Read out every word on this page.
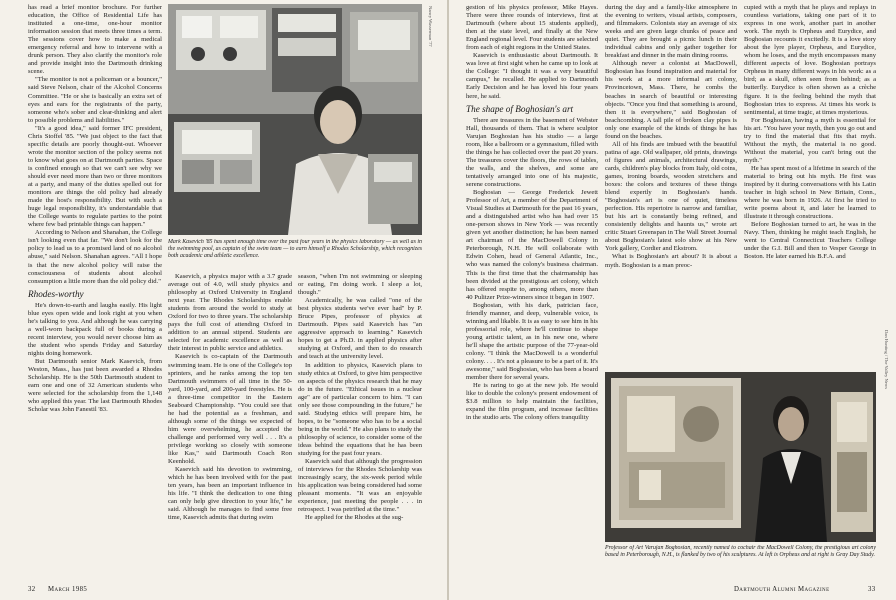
has read a brief monitor brochure. For further education, the Office of Residential Life has instituted a one-time, one-hour monitor information session that meets three times a term. The sessions cover how to make a medical emergency referral and how to intervene with a drunk person. They also clarify the monitor's role and provide insight into the Dartmouth drinking scene.

"The monitor is not a policeman or a bouncer," said Steve Nelson, chair of the Alcohol Concerns Committee. "He or she is basically an extra set of eyes and ears for the registrants of the party, someone who's sober and clear-thinking and alert to possible problems and liabilities."

"It's a good idea," said former IFC president, Chris Stoffel '85. "We just object to the fact that specific details are poorly thought-out. Whoever wrote the monitor section of the policy seems not to know what goes on at Dartmouth parties. Space is confined enough so that we can't see why we should ever need more than two or three monitors at a party, and many of the duties spelled out for monitors are things the old policy had already made the host's responsibility. But with such a huge legal responsibility, it's understandable that the College wants to regulate parties to the point where few bad printable things can happen."

According to Nelson and Shanahan, the College isn't looking even that far. "We don't look for the policy to lead us to a promised land of no alcohol abuse," said Nelson. Shanahan agrees. "All I hope is that the new alcohol policy will raise the consciousness of students about alcohol consumption a little more than the old policy did."

Rhodes-worthy

He's down-to-earth and laughs easily. His light blue eyes open wide and look right at you when he's talking to you. And although he was carrying a well-worn backpack full of books during a recent interview, you would never choose him as the student who spends Friday and Saturday nights doing homework.

But Dartmouth senior Mark Kasevich, from Weston, Mass., has just been awarded a Rhodes Scholarship. He is the 50th Dartmouth student to earn one and one of 32 American students who were selected for the scholarship from the 1,148 who applied this year. The last Dartmouth Rhodes Scholar was John Fanestil '83.

Nancy Wasserman '77
Mark Kasevich '85 has spent enough time over the past four years in the physics laboratory — as well as in the swimming pool, as captain of the swim team — to earn himself a Rhodes Scholarship, which recognizes both academic and athletic excellence.

Kasevich, a physics major with a 3.7 grade average out of 4.0, will study physics and philosophy at Oxford University in England next year. The Rhodes Scholarships enable students from around the world to study at Oxford for two to three years. The scholarship pays the full cost of attending Oxford in addition to an annual stipend. Students are selected for academic excellence as well as their interest in public service and athletics.

Kasevich is co-captain of the Dartmouth swimming team. He is one of the College's top sprinters, and he ranks among the top ten Dartmouth swimmers of all time in the 50-yard, 100-yard, and 200-yard freestyles. He is a three-time competitor in the Eastern Seaboard Championship. "You could see that he had the potential as a freshman, and although some of the things we expected of him were overwhelming, he accepted the challenge and performed very well . . . It's a privilege working so closely with someone like Kas," said Dartmouth Coach Ron Keenhold.

Kasevich said his devotion to swimming, which he has been involved with for the past ten years, has been an important influence in his life. "I think the dedication to one thing can only help give direction to your life," he said. Although he manages to find some free time, Kasevich admits that during swim

season, "when I'm not swimming or sleeping or eating, I'm doing work. I sleep a lot, though."

Academically, he was called "one of the best physics students we've ever had" by P. Bruce Pipes, professor of physics at Dartmouth. Pipes said Kasevich has "an aggressive approach to learning." Kasevich hopes to get a Ph.D. in applied physics after studying at Oxford, and then to do research and teach at the university level.

In addition to physics, Kasevich plans to study ethics at Oxford, to give him perspective on aspects of the physics research that he may do in the future. "Ethical issues in a nuclear age" are of particular concern to him. "I can only see those compounding in the future," he said. Studying ethics will prepare him, he hopes, to be "someone who has to be a social being in the world." He also plans to study the philosophy of science, to consider some of the ideas behind the equations that he has been studying for the past four years.

Kasevich said that although the progression of interviews for the Rhodes Scholarship was increasingly scary, the six-week period while his application was being considered had some pleasant moments. "It was an enjoyable experience, just meeting the people . . . in retrospect. I was petrified at the time."

He applied for the Rhodes at the sug-

32 March 1985

gestion of his physics professor, Mike Hayes. There were three rounds of interviews, first at Dartmouth (where about 15 students applied), then at the state level, and finally at the New England regional level. Four students are selected from each of eight regions in the United States.

Kasevich is enthusiastic about Dartmouth. It was love at first sight when he came up to look at the College: "I thought it was a very beautiful campus," he recalled. He applied to Dartmouth Early Decision and he has loved his four years here, he said.

The shape of Boghosian's art

There are treasures in the basement of Webster Hall, thousands of them. That is where sculptor Varujan Boghosian has his studio — a large room, like a ballroom or a gymnasium, filled with the things he has collected over the past 20 years. The treasures cover the floors, the rows of tables, the walls, and the shelves, and some are tentatively arranged into one of his majestic, serene constructions.

Boghosian — George Frederick Jewett Professor of Art, a member of the Department of Visual Studies at Dartmouth for the past 16 years, and a distinguished artist who has had over 15 one-person shows in New York — was recently given yet another distinction; he has been named art chairman of the MacDowell Colony in Peterborough, N.H. He will collaborate with Edwin Cohen, head of General Atlantic, Inc., who was named the colony's business chairman. This is the first time that the chairmanship has been divided at the prestigious art colony, which has offered respite to, among others, more than 40 Pulitzer Prize-winners since it began in 1907.

Boghosian, with his dark, patrician face, friendly manner, and deep, vulnerable voice, is winning and likable. It is as easy to see him in his professorial role, where he'll continue to shape young artistic talent, as in his new one, where he'll shape the artistic purpose of the 77-year-old colony. "I think the MacDowell is a wonderful colony. . . . It's not a pleasure to be a part of it. It's awesome," said Boghosian, who has been a board member there for several years.

He is raring to go at the new job. He would like to double the colony's present endowment of $3.8 million to help maintain the facilities, expand the film program, and increase facilities in the studio arts. The colony offers tranquility

during the day and a family-like atmosphere in the evening to writers, visual artists, composers, and filmmakers. Colonists stay an average of six weeks and are given large chunks of peace and quiet. They are brought a picnic lunch in their individual cabins and only gather together for breakfast and dinner in the main dining rooms.

Although never a colonist at MacDowell, Boghosian has found inspiration and material for his work at a more informal art colony, Provincetown, Mass. There, he combs the beaches in search of beautiful or interesting objects. "Once you find that something is around, then it is everywhere," said Boghosian of beachcombing. A tall pile of broken clay pipes is only one example of the kinds of things he has found on the beaches.

All of his finds are imbued with the beautiful patina of age. Old wallpaper, old prints, drawings of figures and animals, architectural drawings, cards, children's play blocks from Italy, old coins, games, ironing boards, wooden stretchers and boxes: the colors and textures of these things blend expertly in Boghosian's hands. "Boghosian's art is one of quiet, timeless perfection. His repertoire is narrow and familiar, but his art is constantly being refined, and consistently delights and haunts us," wrote art critic Stuart Greenspan in The Wall Street Journal about Boghosian's latest solo show at his New York gallery, Cordier and Ekstrom.

What is Boghosian's art about? It is about a myth. Boghosian is a man preoc-

cupied with a myth that he plays and replays in countless variations, taking one part of it to express in one work, another part in another work. The myth is Orpheus and Eurydice, and Boghosian recounts it excitedly. It is a love story about the lyre player, Orpheus, and Eurydice, whom he loses, and the myth encompasses many different aspects of love. Boghosian portrays Orpheus in many different ways in his work: as a bird; as a skull, often seen from behind; as a butterfly. Eurydice is often shown as a crèche figure. It is the feeling behind the myth that Boghosian tries to express. At times his work is sentimental, at time tragic, at times mysterious.

For Boghosian, having a myth is essential for his art. "You have your myth, then you go out and try to find the material that fits that myth. Without the myth, the material is no good. Without the material, you can't bring out the myth."

He has spent most of a lifetime in search of the material to bring out his myth. He first was inspired by it during conversations with his Latin teacher in high school in New Britain, Conn., where he was born in 1926. At first he tried to write poems about it, and later he learned to illustrate it through constructions.

Before Boghosian turned to art, he was in the Navy. Then, thinking he might teach English, he went to Central Connecticut Teachers College under the G.I. Bill and then to Vesper George in Boston. He later earned his B.F.A. and

Dan Hunting / The Valley News
Professor of Art Varujan Boghosian, recently named to cochair the MacDowell Colony, the prestigious art colony based in Peterborough, N.H., is flanked by two of his sculptures. At left is Orpheus and at right is Gray Day Study.
Dartmouth Alumni Magazine	33
